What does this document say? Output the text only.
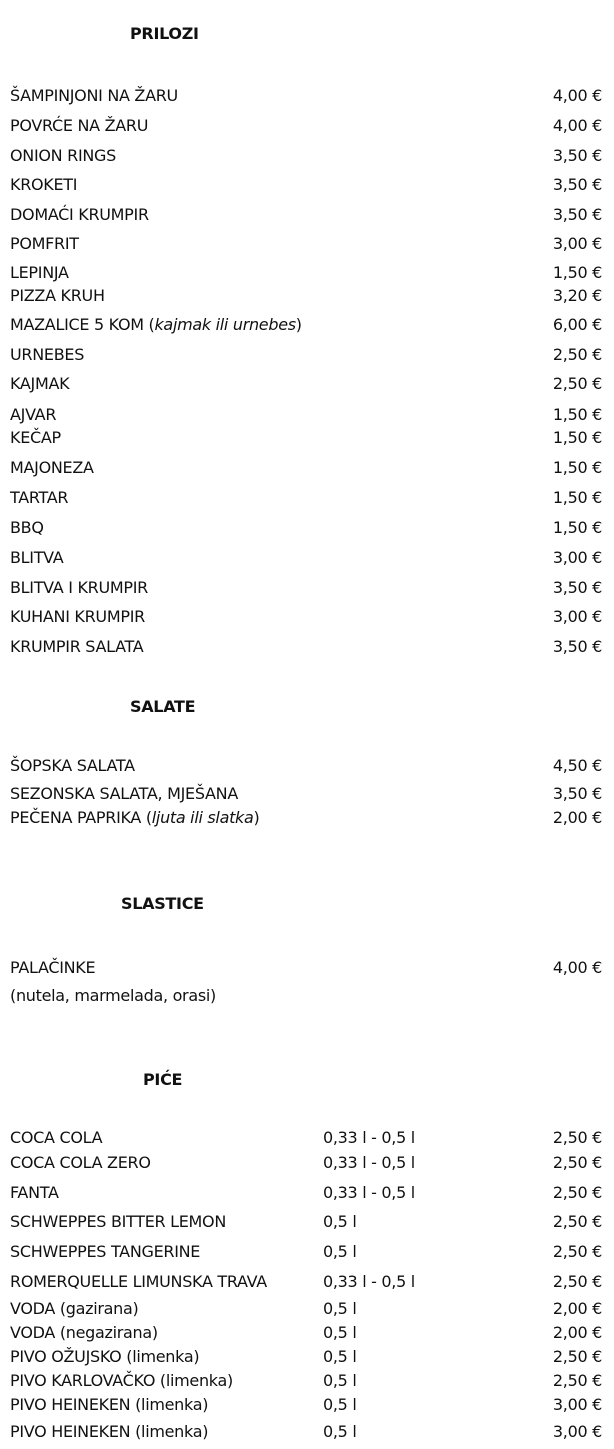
PRILOZI
ŠAMPINJONI NA ŽARU	4,00 €
POVRĆE NA ŽARU	4,00 €
ONION RINGS	3,50 €
KROKETI	3,50 €
DOMAĆI KRUMPIR	3,50 €
POMFRIT	3,00 €
LEPINJA	1,50 €
PIZZA KRUH	3,20 €
MAZALICE 5 KOM (kajmak ili urnebes)	6,00 €
URNEBES	2,50 €
KAJMAK	2,50 €
AJVAR	1,50 €
KEČAP	1,50 €
MAJONEZA	1,50 €
TARTAR	1,50 €
BBQ	1,50 €
BLITVA	3,00 €
BLITVA I KRUMPIR	3,50 €
KUHANI KRUMPIR	3,00 €
KRUMPIR SALATA	3,50 €
SALATE
ŠOPSKA SALATA	4,50 €
SEZONSKA SALATA, MJEŠANA	3,50 €
PEČENA PAPRIKA (ljuta ili slatka)	2,00 €
SLASTICE
PALAČINKE	4,00 €
(nutela, marmelada, orasi)
PIĆE
COCA COLA	0,33 l - 0,5 l	2,50 €
COCA COLA ZERO	0,33 l - 0,5 l	2,50 €
FANTA	0,33 l - 0,5 l	2,50 €
SCHWEPPES BITTER LEMON	0,5 l	2,50 €
SCHWEPPES TANGERINE	0,5 l	2,50 €
ROMERQUELLE LIMUNSKA TRAVA	0,33 l - 0,5 l	2,50 €
VODA (gazirana)	0,5 l	2,00 €
VODA (negazirana)	0,5 l	2,00 €
PIVO OŽUJSKO (limenka)	0,5 l	2,50 €
PIVO KARLOVAČKO (limenka)	0,5 l	2,50 €
PIVO HEINEKEN (limenka)	0,5 l	3,00 €
PIVO HEINEKEN (limenka)	0,5 l	3,00 €
